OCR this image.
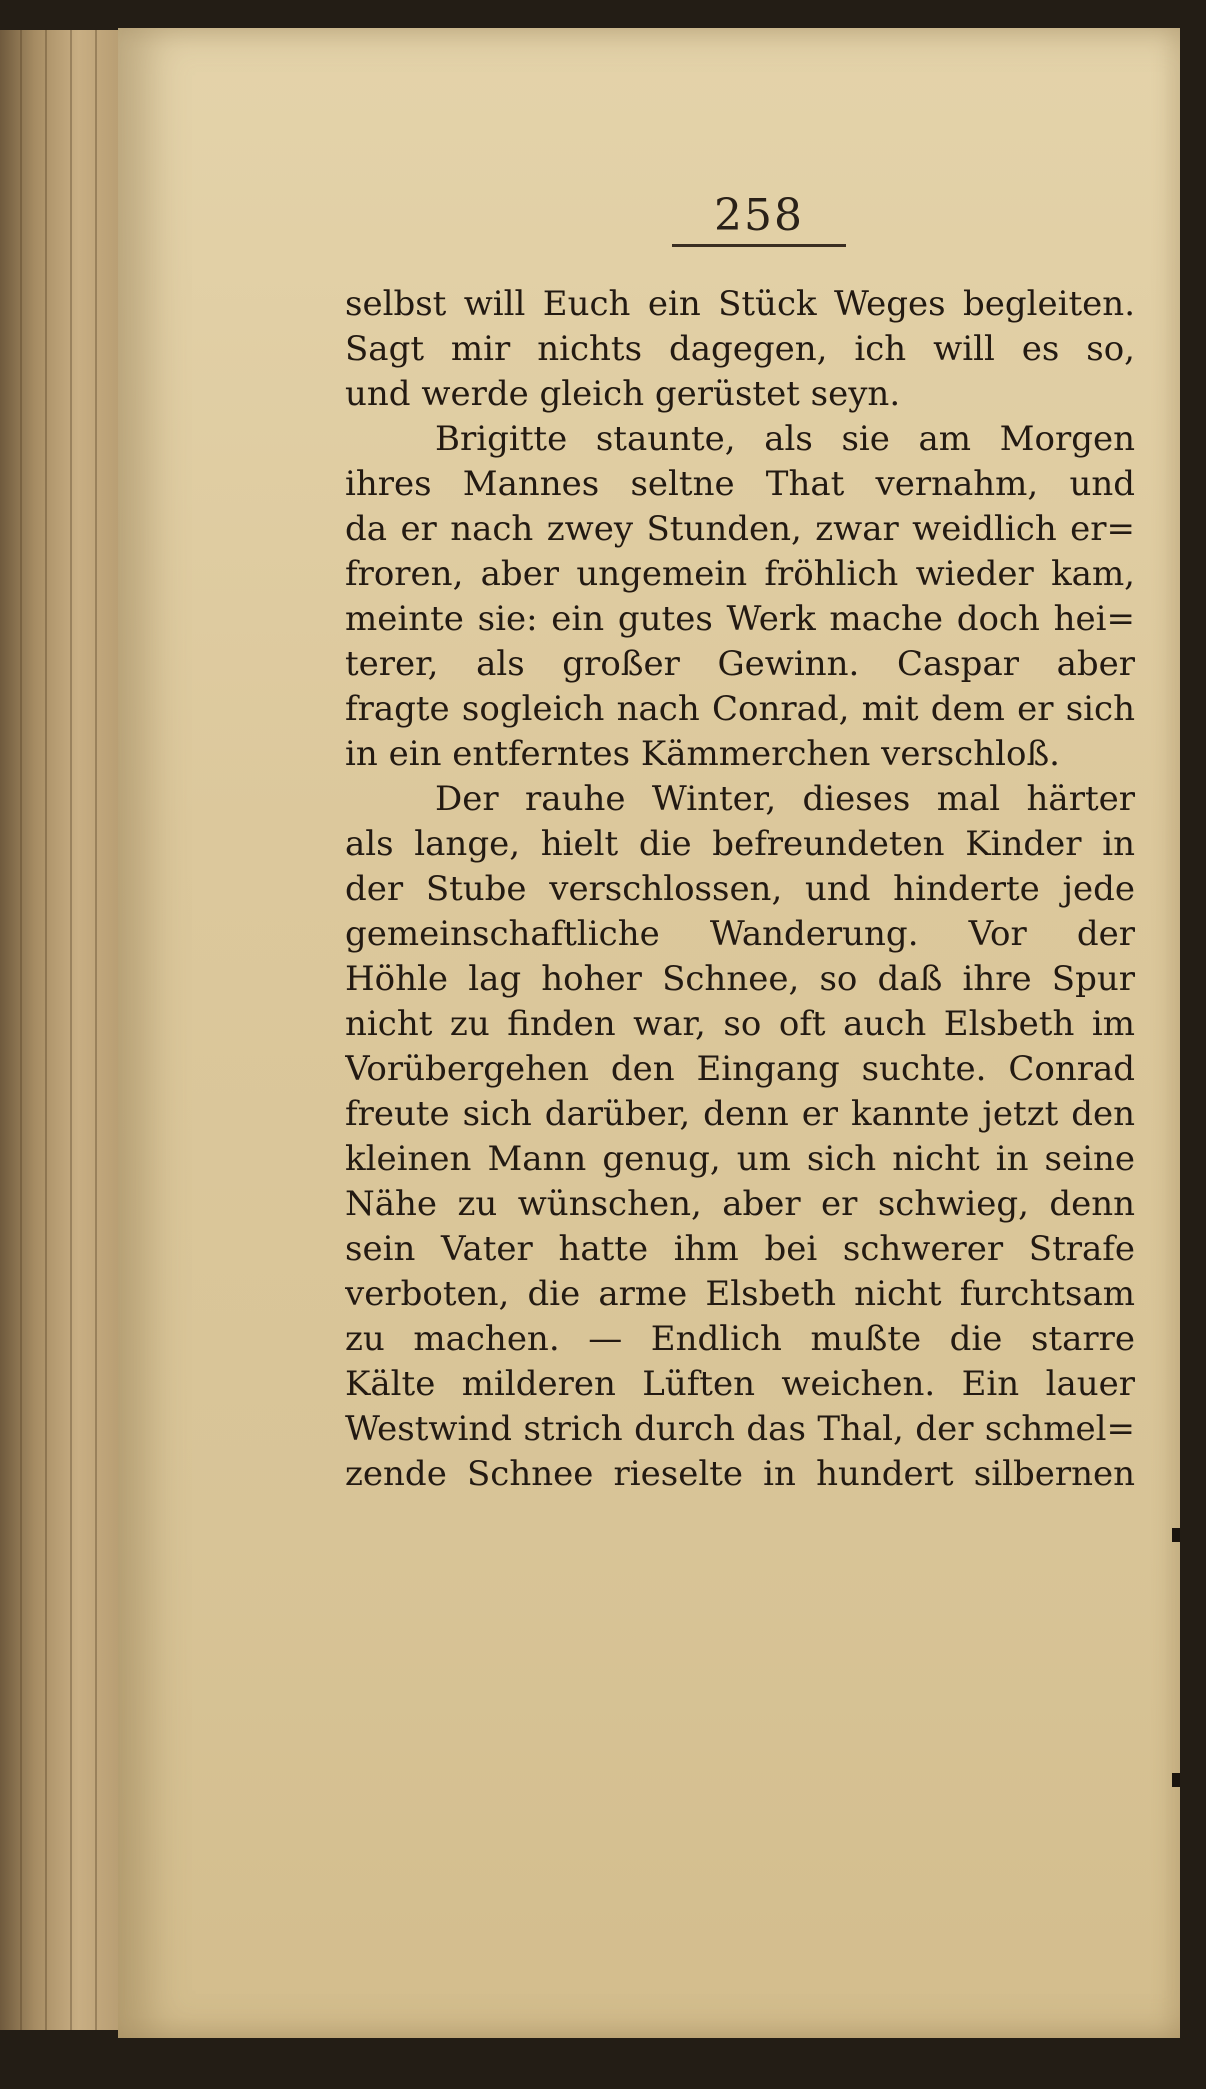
258
selbst will Euch ein Stück Weges begleiten.
Sagt mir nichts dagegen, ich will es so,
und werde gleich gerüstet seyn.
Brigitte staunte, als sie am Morgen
ihres Mannes seltne That vernahm, und
da er nach zwey Stunden, zwar weidlich er=
froren, aber ungemein fröhlich wieder kam,
meinte sie: ein gutes Werk mache doch hei=
terer, als großer Gewinn. Caspar aber
fragte sogleich nach Conrad, mit dem er sich
in ein entferntes Kämmerchen verschloß.
Der rauhe Winter, dieses mal härter
als lange, hielt die befreundeten Kinder in
der Stube verschlossen, und hinderte jede
gemeinschaftliche Wanderung. Vor der
Höhle lag hoher Schnee, so daß ihre Spur
nicht zu finden war, so oft auch Elsbeth im
Vorübergehen den Eingang suchte. Conrad
freute sich darüber, denn er kannte jetzt den
kleinen Mann genug, um sich nicht in seine
Nähe zu wünschen, aber er schwieg, denn
sein Vater hatte ihm bei schwerer Strafe
verboten, die arme Elsbeth nicht furchtsam
zu machen. — Endlich mußte die starre
Kälte milderen Lüften weichen. Ein lauer
Westwind strich durch das Thal, der schmel=
zende Schnee rieselte in hundert silbernen
